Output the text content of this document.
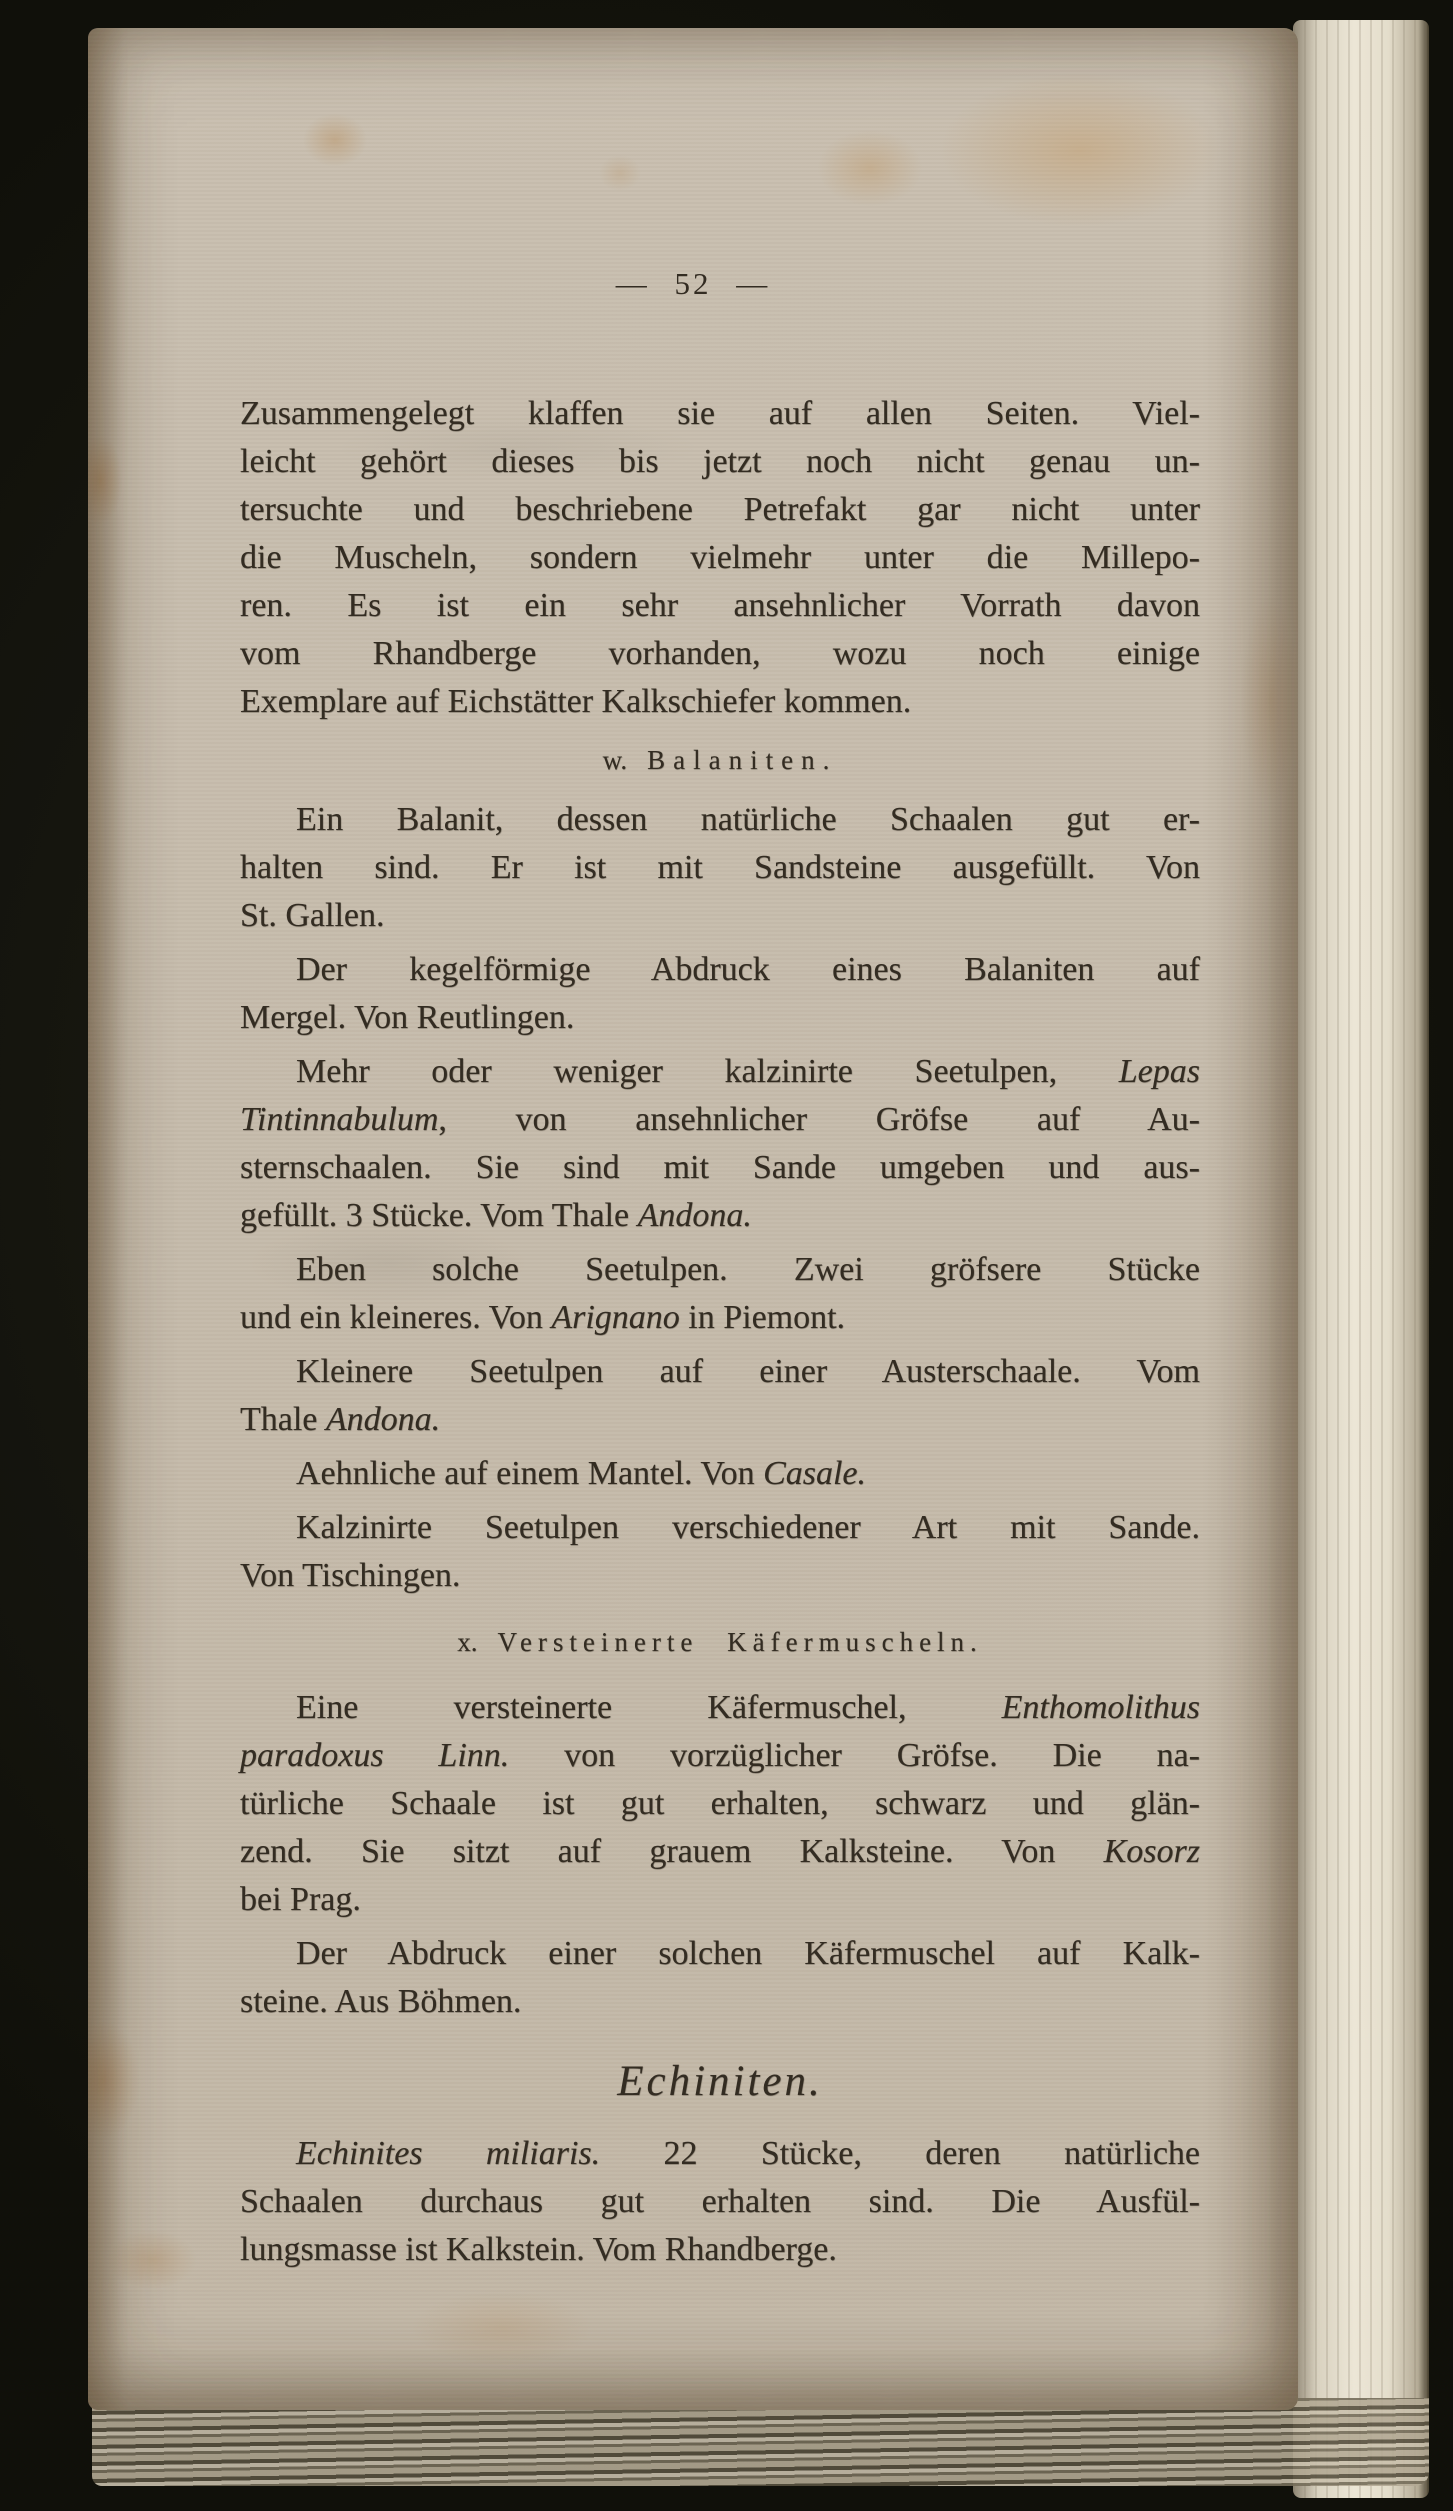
— 52 —
Zusammengelegt klaffen sie auf allen Seiten. Viel-
leicht gehört dieses bis jetzt noch nicht genau un-
tersuchte und beschriebene Petrefakt gar nicht unter
die Muscheln, sondern vielmehr unter die Millepo-
ren. Es ist ein sehr ansehnlicher Vorrath davon
vom Rhandberge vorhanden, wozu noch einige
Exemplare auf Eichstätter Kalkschiefer kommen.
w. Balaniten.
Ein Balanit, dessen natürliche Schaalen gut er-
halten sind. Er ist mit Sandsteine ausgefüllt. Von
St. Gallen.
Der kegelförmige Abdruck eines Balaniten auf
Mergel. Von Reutlingen.
Mehr oder weniger kalzinirte Seetulpen, Lepas
Tintinnabulum, von ansehnlicher Gröfse auf Au-
sternschaalen. Sie sind mit Sande umgeben und aus-
gefüllt. 3 Stücke. Vom Thale Andona.
Eben solche Seetulpen. Zwei gröfsere Stücke
und ein kleineres. Von Arignano in Piemont.
Kleinere Seetulpen auf einer Austerschaale. Vom
Thale Andona.
Aehnliche auf einem Mantel. Von Casale.
Kalzinirte Seetulpen verschiedener Art mit Sande.
Von Tischingen.
x. Versteinerte Käfermuscheln.
Eine versteinerte Käfermuschel, Enthomolithus
paradoxus Linn. von vorzüglicher Gröfse. Die na-
türliche Schaale ist gut erhalten, schwarz und glän-
zend. Sie sitzt auf grauem Kalksteine. Von Kosorz
bei Prag.
Der Abdruck einer solchen Käfermuschel auf Kalk-
steine. Aus Böhmen.
Echiniten.
Echinites miliaris. 22 Stücke, deren natürliche
Schaalen durchaus gut erhalten sind. Die Ausfül-
lungsmasse ist Kalkstein. Vom Rhandberge.
